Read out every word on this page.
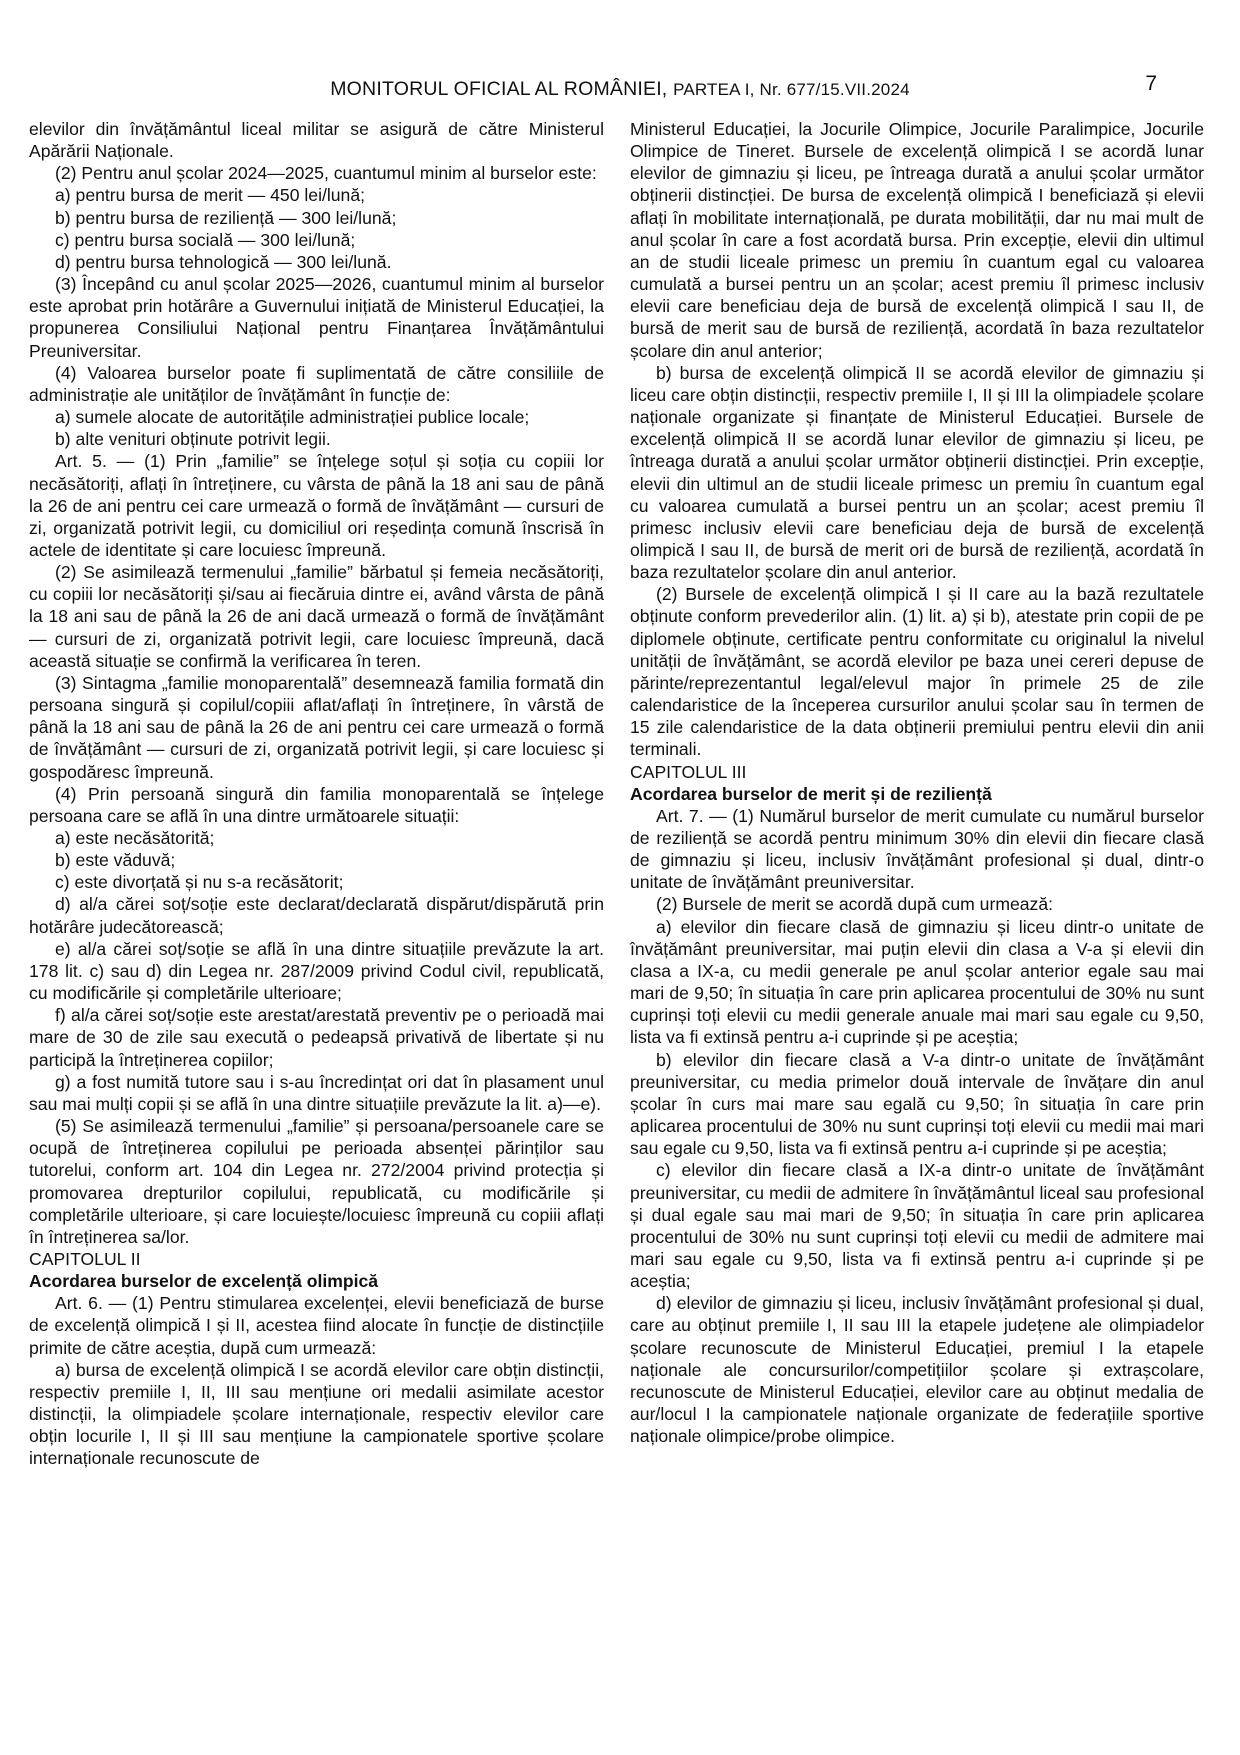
MONITORUL OFICIAL AL ROMÂNIEI, PARTEA I, Nr. 677/15.VII.2024	7

elevilor din învățământul liceal militar se asigură de către Ministerul Apărării Naționale.

(2) Pentru anul școlar 2024—2025, cuantumul minim al burselor este:

a) pentru bursa de merit — 450 lei/lună;

b) pentru bursa de reziliență — 300 lei/lună;

c) pentru bursa socială — 300 lei/lună;

d) pentru bursa tehnologică — 300 lei/lună.

(3) Începând cu anul școlar 2025—2026, cuantumul minim al burselor este aprobat prin hotărâre a Guvernului inițiată de Ministerul Educației, la propunerea Consiliului Național pentru Finanțarea Învățământului Preuniversitar.

(4) Valoarea burselor poate fi suplimentată de către consiliile de administrație ale unităților de învățământ în funcție de:

a) sumele alocate de autoritățile administrației publice locale;

b) alte venituri obținute potrivit legii.

Art. 5. — (1) Prin „familie” se înțelege soțul și soția cu copiii lor necăsătoriți, aflați în întreținere, cu vârsta de până la 18 ani sau de până la 26 de ani pentru cei care urmează o formă de învățământ — cursuri de zi, organizată potrivit legii, cu domiciliul ori reședința comună înscrisă în actele de identitate și care locuiesc împreună.

(2) Se asimilează termenului „familie” bărbatul și femeia necăsătoriți, cu copiii lor necăsătoriți și/sau ai fiecăruia dintre ei, având vârsta de până la 18 ani sau de până la 26 de ani dacă urmează o formă de învățământ — cursuri de zi, organizată potrivit legii, care locuiesc împreună, dacă această situație se confirmă la verificarea în teren.

(3) Sintagma „familie monoparentală” desemnează familia formată din persoana singură și copilul/copiii aflat/aflați în întreținere, în vârstă de până la 18 ani sau de până la 26 de ani pentru cei care urmează o formă de învățământ — cursuri de zi, organizată potrivit legii, și care locuiesc și gospodăresc împreună.

(4) Prin persoană singură din familia monoparentală se înțelege persoana care se află în una dintre următoarele situații:

a) este necăsătorită;

b) este văduvă;

c) este divorțată și nu s-a recăsătorit;

d) al/a cărei soț/soție este declarat/declarată dispărut/dispărută prin hotărâre judecătorească;

e) al/a cărei soț/soție se află în una dintre situațiile prevăzute la art. 178 lit. c) sau d) din Legea nr. 287/2009 privind Codul civil, republicată, cu modificările și completările ulterioare;

f) al/a cărei soț/soție este arestat/arestată preventiv pe o perioadă mai mare de 30 de zile sau execută o pedeapsă privativă de libertate și nu participă la întreținerea copiilor;

g) a fost numită tutore sau i s-au încredințat ori dat în plasament unul sau mai mulți copii și se află în una dintre situațiile prevăzute la lit. a)—e).

(5) Se asimilează termenului „familie” și persoana/persoanele care se ocupă de întreținerea copilului pe perioada absenței părinților sau tutorelui, conform art. 104 din Legea nr. 272/2004 privind protecția și promovarea drepturilor copilului, republicată, cu modificările și completările ulterioare, și care locuiește/locuiesc împreună cu copiii aflați în întreținerea sa/lor.

CAPITOLUL II

Acordarea burselor de excelență olimpică

Art. 6. — (1) Pentru stimularea excelenței, elevii beneficiază de burse de excelență olimpică I și II, acestea fiind alocate în funcție de distincțiile primite de către aceștia, după cum urmează:

a) bursa de excelență olimpică I se acordă elevilor care obțin distincții, respectiv premiile I, II, III sau mențiune ori medalii asimilate acestor distincții, la olimpiadele școlare internaționale, respectiv elevilor care obțin locurile I, II și III sau mențiune la campionatele sportive școlare internaționale recunoscute de

Ministerul Educației, la Jocurile Olimpice, Jocurile Paralimpice, Jocurile Olimpice de Tineret. Bursele de excelență olimpică I se acordă lunar elevilor de gimnaziu și liceu, pe întreaga durată a anului școlar următor obținerii distincției. De bursa de excelență olimpică I beneficiază și elevii aflați în mobilitate internațională, pe durata mobilității, dar nu mai mult de anul școlar în care a fost acordată bursa. Prin excepție, elevii din ultimul an de studii liceale primesc un premiu în cuantum egal cu valoarea cumulată a bursei pentru un an școlar; acest premiu îl primesc inclusiv elevii care beneficiau deja de bursă de excelență olimpică I sau II, de bursă de merit sau de bursă de reziliență, acordată în baza rezultatelor școlare din anul anterior;

b) bursa de excelență olimpică II se acordă elevilor de gimnaziu și liceu care obțin distincții, respectiv premiile I, II și III la olimpiadele școlare naționale organizate și finanțate de Ministerul Educației. Bursele de excelență olimpică II se acordă lunar elevilor de gimnaziu și liceu, pe întreaga durată a anului școlar următor obținerii distincției. Prin excepție, elevii din ultimul an de studii liceale primesc un premiu în cuantum egal cu valoarea cumulată a bursei pentru un an școlar; acest premiu îl primesc inclusiv elevii care beneficiau deja de bursă de excelență olimpică I sau II, de bursă de merit ori de bursă de reziliență, acordată în baza rezultatelor școlare din anul anterior.

(2) Bursele de excelență olimpică I și II care au la bază rezultatele obținute conform prevederilor alin. (1) lit. a) și b), atestate prin copii de pe diplomele obținute, certificate pentru conformitate cu originalul la nivelul unității de învățământ, se acordă elevilor pe baza unei cereri depuse de părinte/reprezentantul legal/elevul major în primele 25 de zile calendaristice de la începerea cursurilor anului școlar sau în termen de 15 zile calendaristice de la data obținerii premiului pentru elevii din anii terminali.

CAPITOLUL III

Acordarea burselor de merit și de reziliență

Art. 7. — (1) Numărul burselor de merit cumulate cu numărul burselor de reziliență se acordă pentru minimum 30% din elevii din fiecare clasă de gimnaziu și liceu, inclusiv învățământ profesional și dual, dintr-o unitate de învățământ preuniversitar.

(2) Bursele de merit se acordă după cum urmează:

a) elevilor din fiecare clasă de gimnaziu și liceu dintr-o unitate de învățământ preuniversitar, mai puțin elevii din clasa a V-a și elevii din clasa a IX-a, cu medii generale pe anul școlar anterior egale sau mai mari de 9,50; în situația în care prin aplicarea procentului de 30% nu sunt cuprinși toți elevii cu medii generale anuale mai mari sau egale cu 9,50, lista va fi extinsă pentru a-i cuprinde și pe aceștia;

b) elevilor din fiecare clasă a V-a dintr-o unitate de învățământ preuniversitar, cu media primelor două intervale de învățare din anul școlar în curs mai mare sau egală cu 9,50; în situația în care prin aplicarea procentului de 30% nu sunt cuprinși toți elevii cu medii mai mari sau egale cu 9,50, lista va fi extinsă pentru a-i cuprinde și pe aceștia;

c) elevilor din fiecare clasă a IX-a dintr-o unitate de învățământ preuniversitar, cu medii de admitere în învățământul liceal sau profesional și dual egale sau mai mari de 9,50; în situația în care prin aplicarea procentului de 30% nu sunt cuprinși toți elevii cu medii de admitere mai mari sau egale cu 9,50, lista va fi extinsă pentru a-i cuprinde și pe aceștia;

d) elevilor de gimnaziu și liceu, inclusiv învățământ profesional și dual, care au obținut premiile I, II sau III la etapele județene ale olimpiadelor școlare recunoscute de Ministerul Educației, premiul I la etapele naționale ale concursurilor/competițiilor școlare și extrașcolare, recunoscute de Ministerul Educației, elevilor care au obținut medalia de aur/locul I la campionatele naționale organizate de federațiile sportive naționale olimpice/probe olimpice.
